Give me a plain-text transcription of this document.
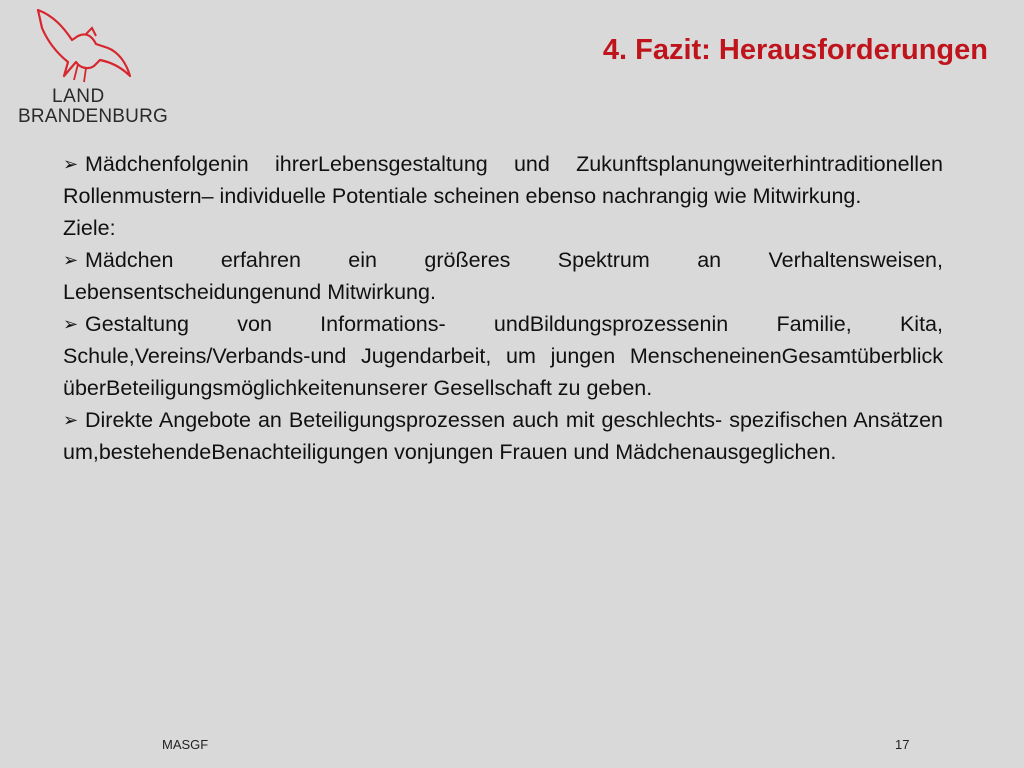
LAND
BRANDENBURG
4. Fazit: Herausforderungen

➢ Mädchenfolgenin ihrerLebensgestaltung und Zukunftsplanungweiterhintraditionellen Rollenmustern– individuelle Potentiale scheinen ebenso nachrangig wie Mitwirkung.

Ziele:

➢ Mädchen erfahren ein größeres Spektrum an Verhaltensweisen, Lebensentscheidungenund Mitwirkung.

➢ Gestaltung von Informations- undBildungsprozessenin Familie, Kita, Schule,Vereins/Verbands-und Jugendarbeit, um jungen MenscheneinenGesamtüberblick überBeteiligungsmöglichkeitenunserer Gesellschaft zu geben.

➢ Direkte Angebote an Beteiligungsprozessen auch mit geschlechts- spezifischen Ansätzen um,bestehendeBenachteiligungen vonjungen Frauen und Mädchenausgeglichen.

MASGF	17
